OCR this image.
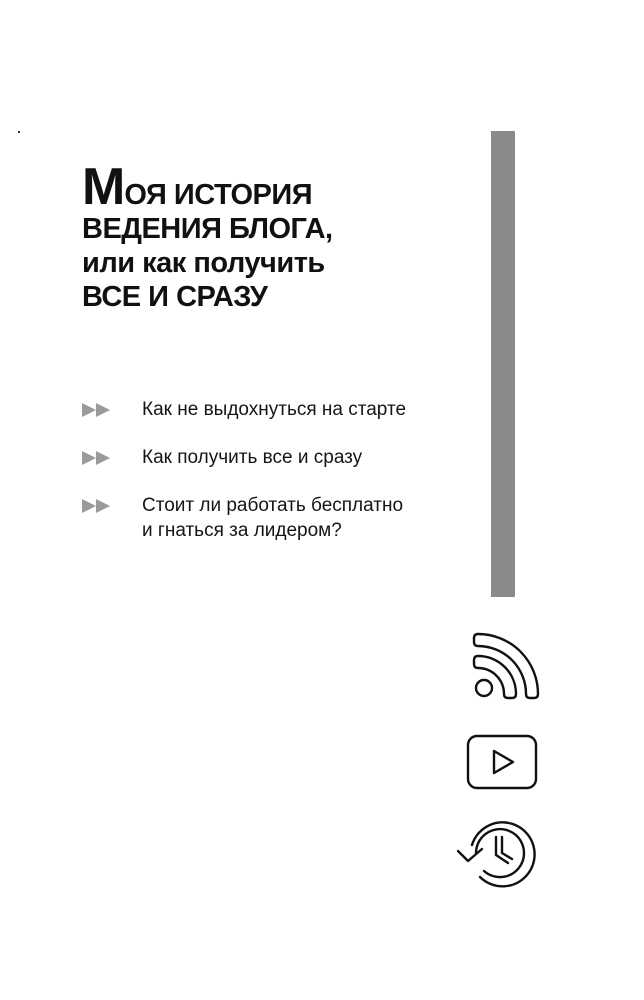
МОЯ ИСТОРИЯ
ВЕДЕНИЯ БЛОГА,
или как получить
ВСЕ И СРАЗУ
Как не выдохнуться на старте
Как получить все и сразу
Стоит ли работать бесплатно
и гнаться за лидером?
